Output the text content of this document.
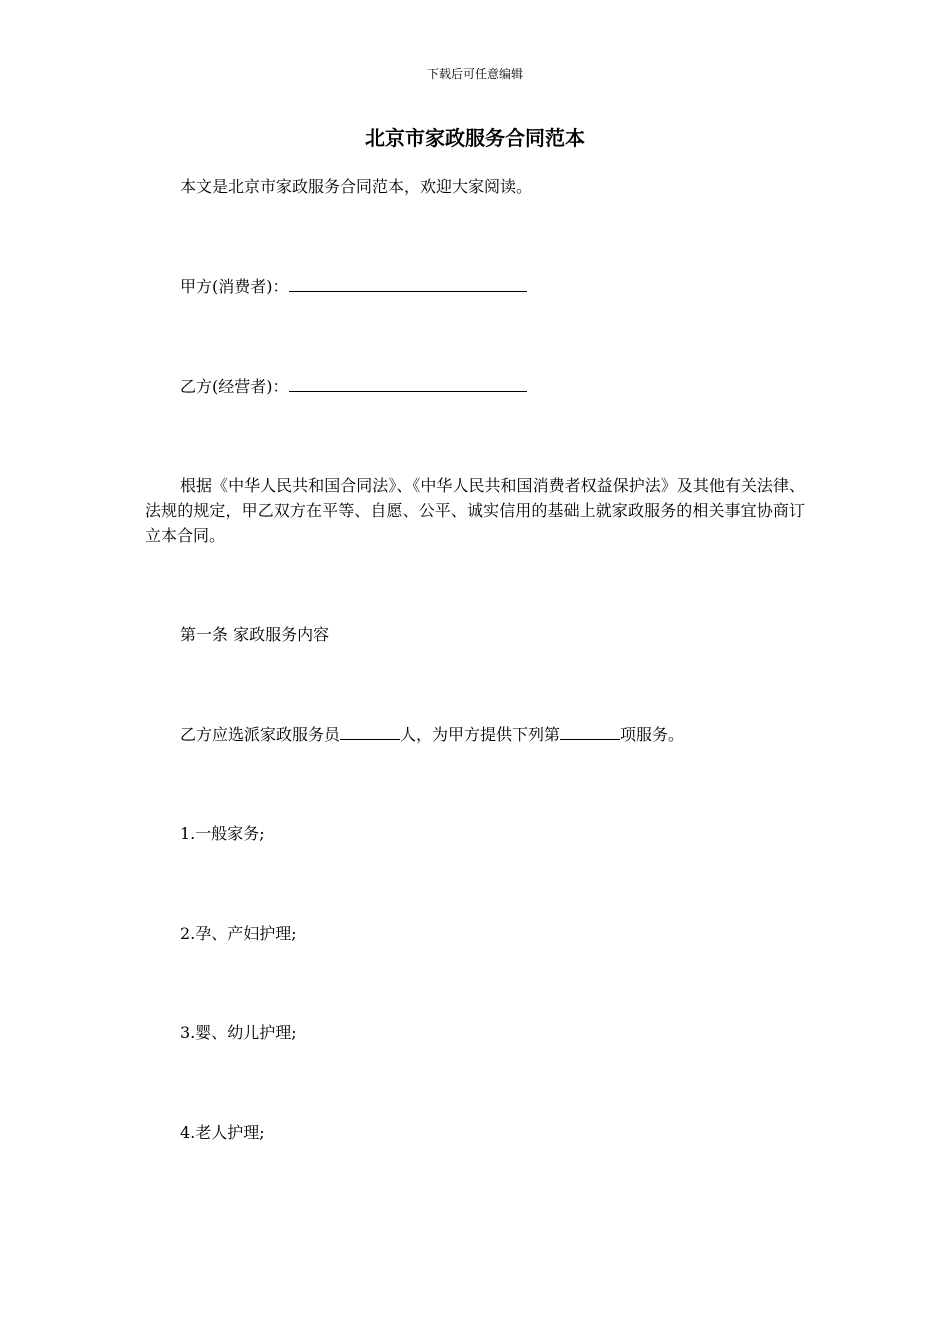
下载后可任意编辑
北京市家政服务合同范本

本文是北京市家政服务合同范本，欢迎大家阅读。

甲方(消费者)：

乙方(经营者)：

根据《中华人民共和国合同法》、《中华人民共和国消费者权益保护法》及其他有关法律、法规的规定，甲乙双方在平等、自愿、公平、诚实信用的基础上就家政服务的相关事宜协商订立本合同。

第一条 家政服务内容

乙方应选派家政服务员	人，为甲方提供下列第	项服务。

1.一般家务;

2.孕、产妇护理;

3.婴、幼儿护理;

4.老人护理;
